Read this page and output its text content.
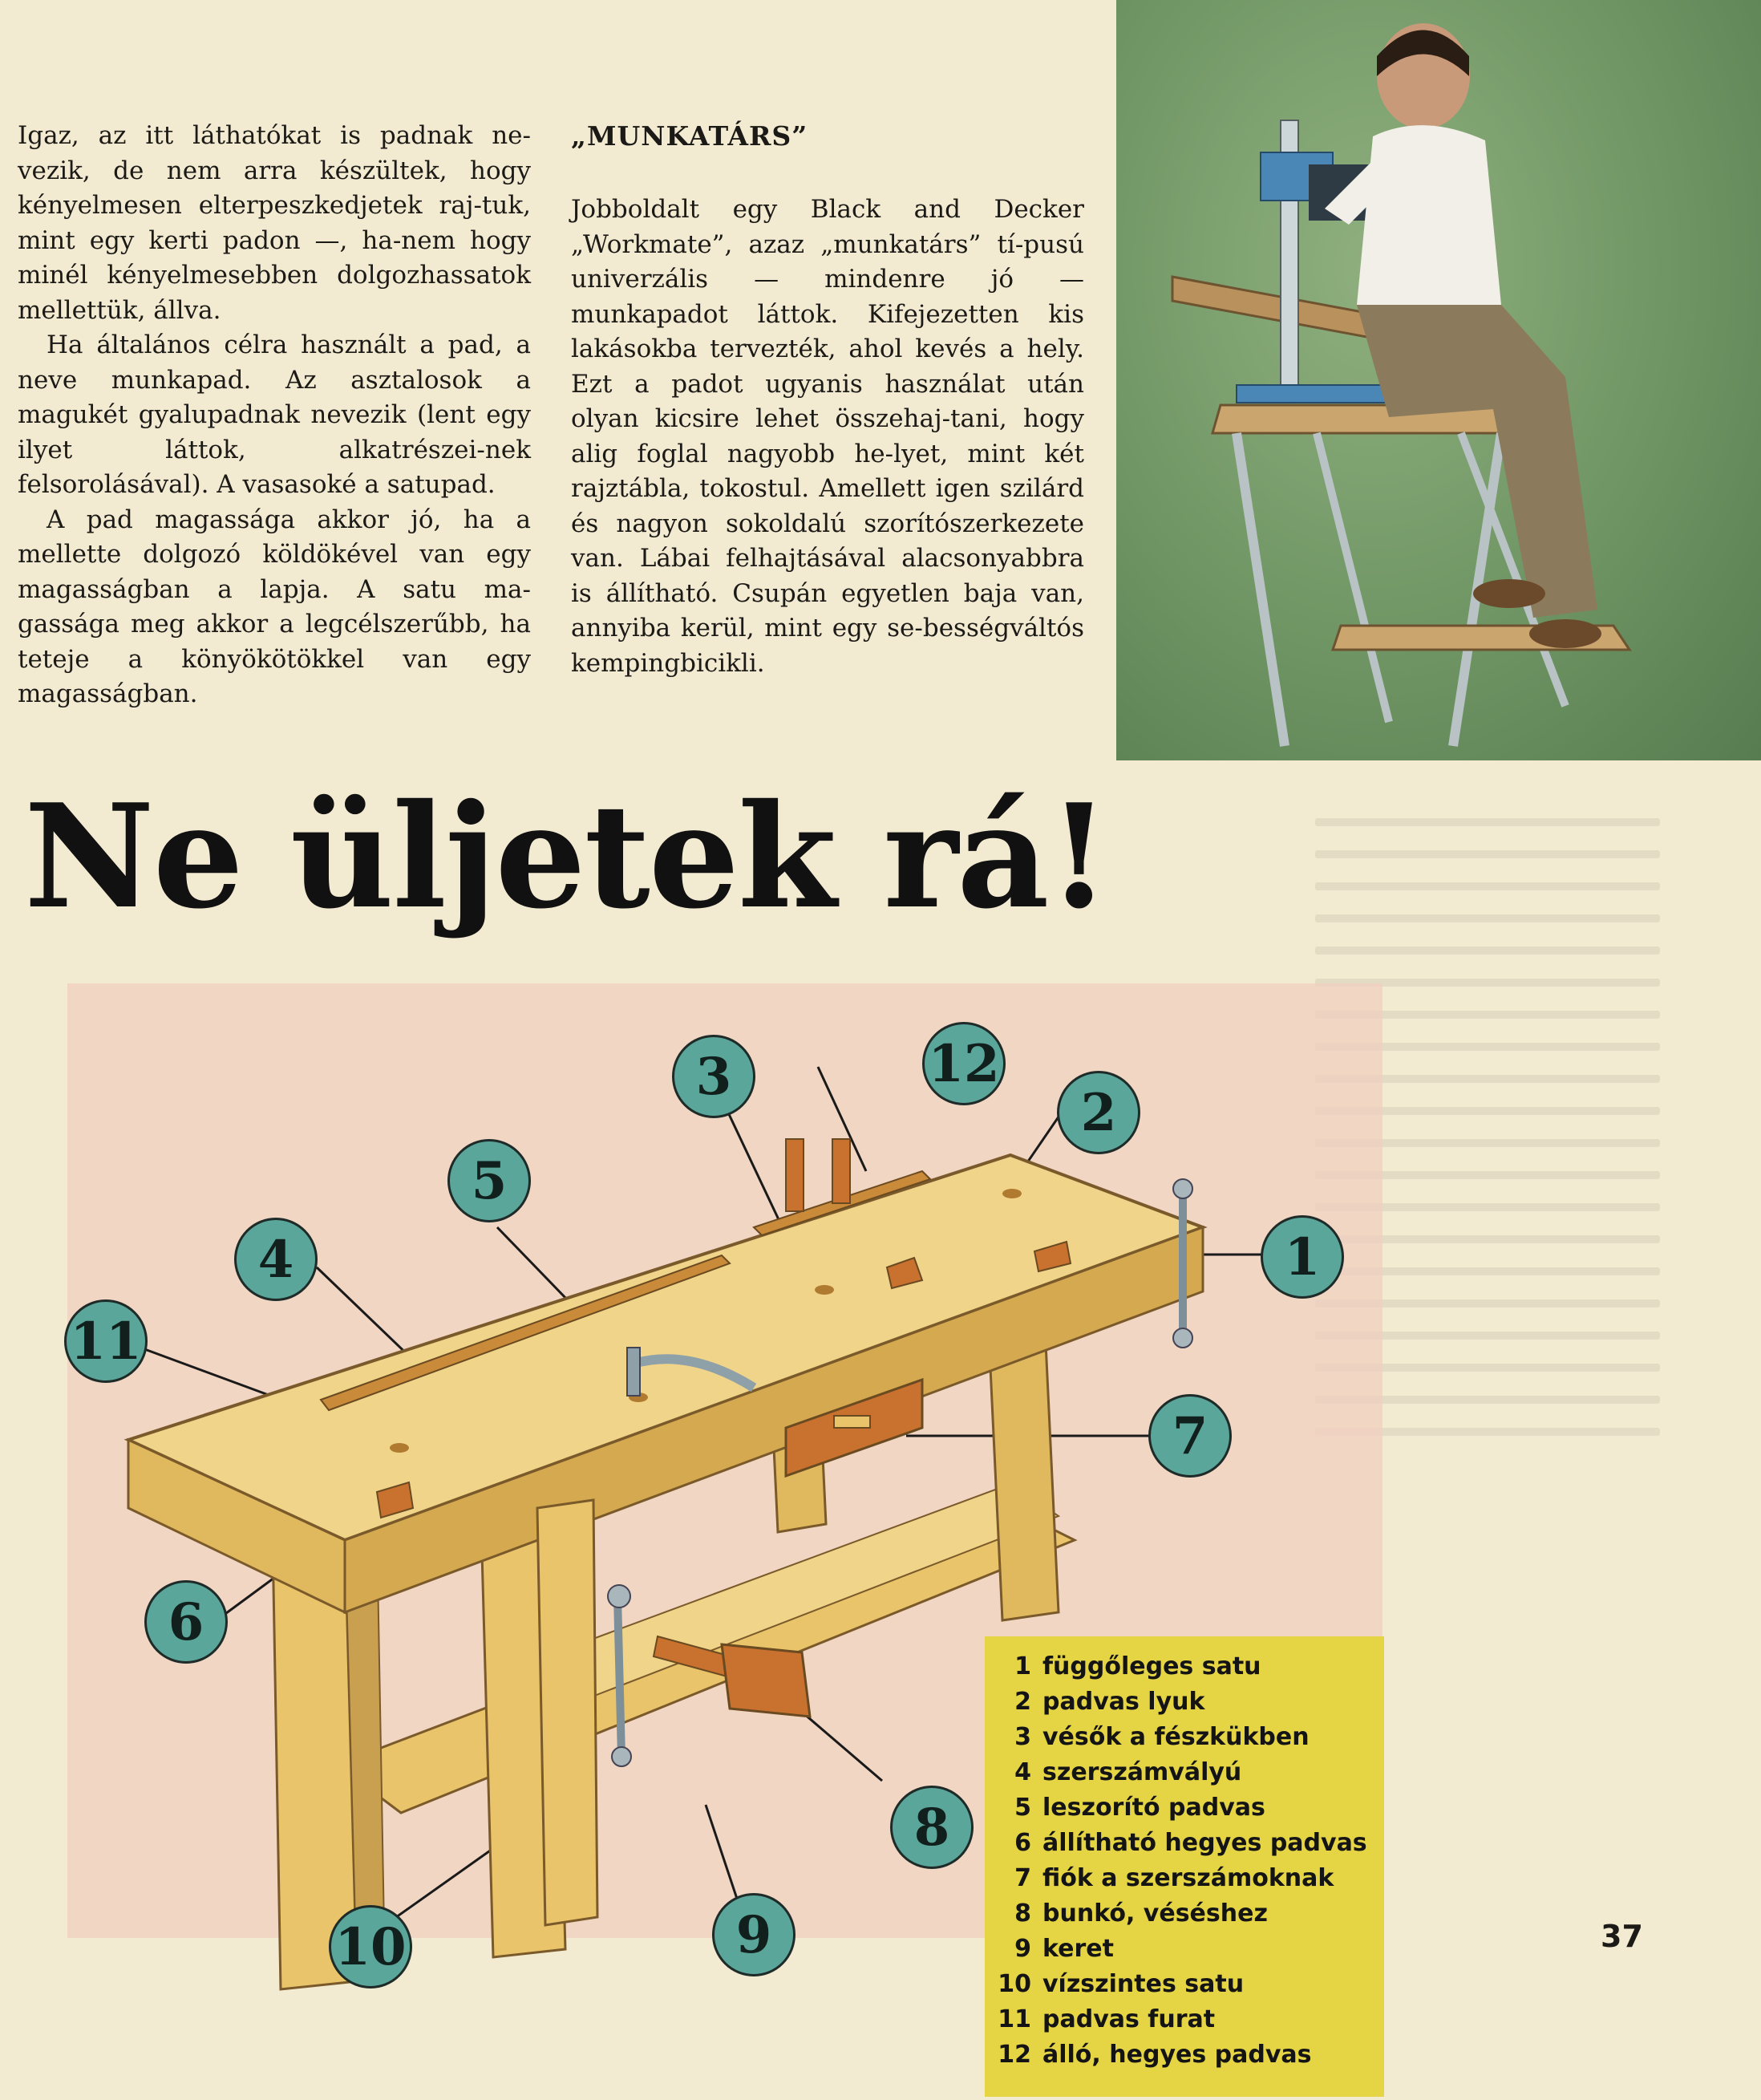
Igaz, az itt láthatókat is padnak ne-vezik, de nem arra készültek, hogy kényelmesen elterpeszkedjetek raj-tuk, mint egy kerti padon —, ha-nem hogy minél kényelmesebben dolgozhassatok mellettük, állva.

Ha általános célra használt a pad, a neve munkapad. Az asztalosok a magukét gyalupadnak nevezik (lent egy ilyet láttok, alkatrészei-nek felsorolásával). A vasasoké a satupad.

A pad magassága akkor jó, ha a mellette dolgozó köldökével van egy magasságban a lapja. A satu ma-gassága meg akkor a legcélszerűbb, ha teteje a könyökötökkel van egy magasságban.

„MUNKATÁRS”

Jobboldalt egy Black and Decker „Workmate”, azaz „munkatárs” tí-pusú univerzális — mindenre jó — munkapadot láttok. Kifejezetten kis lakásokba tervezték, ahol kevés a hely. Ezt a padot ugyanis használat után olyan kicsire lehet összehaj-tani, hogy alig foglal nagyobb he-lyet, mint két rajztábla, tokostul. Amellett igen szilárd és nagyon sokoldalú szorítószerkezete van. Lábai felhajtásával alacsonyabbra is állítható. Csupán egyetlen baja van, annyiba kerül, mint egy se-bességváltós kempingbicikli.

Ne üljetek rá!
1
2
3
4
5
6
7
8
9
10
11
12
1 függőleges satu
2 padvas lyuk
3 vésők a fészkükben
4 szerszámvályú
5 leszorító padvas
6 állítható hegyes padvas
7 fiók a szerszámoknak
8 bunkó, véséshez
9 keret
10 vízszintes satu
11 padvas furat
12 álló, hegyes padvas
37
